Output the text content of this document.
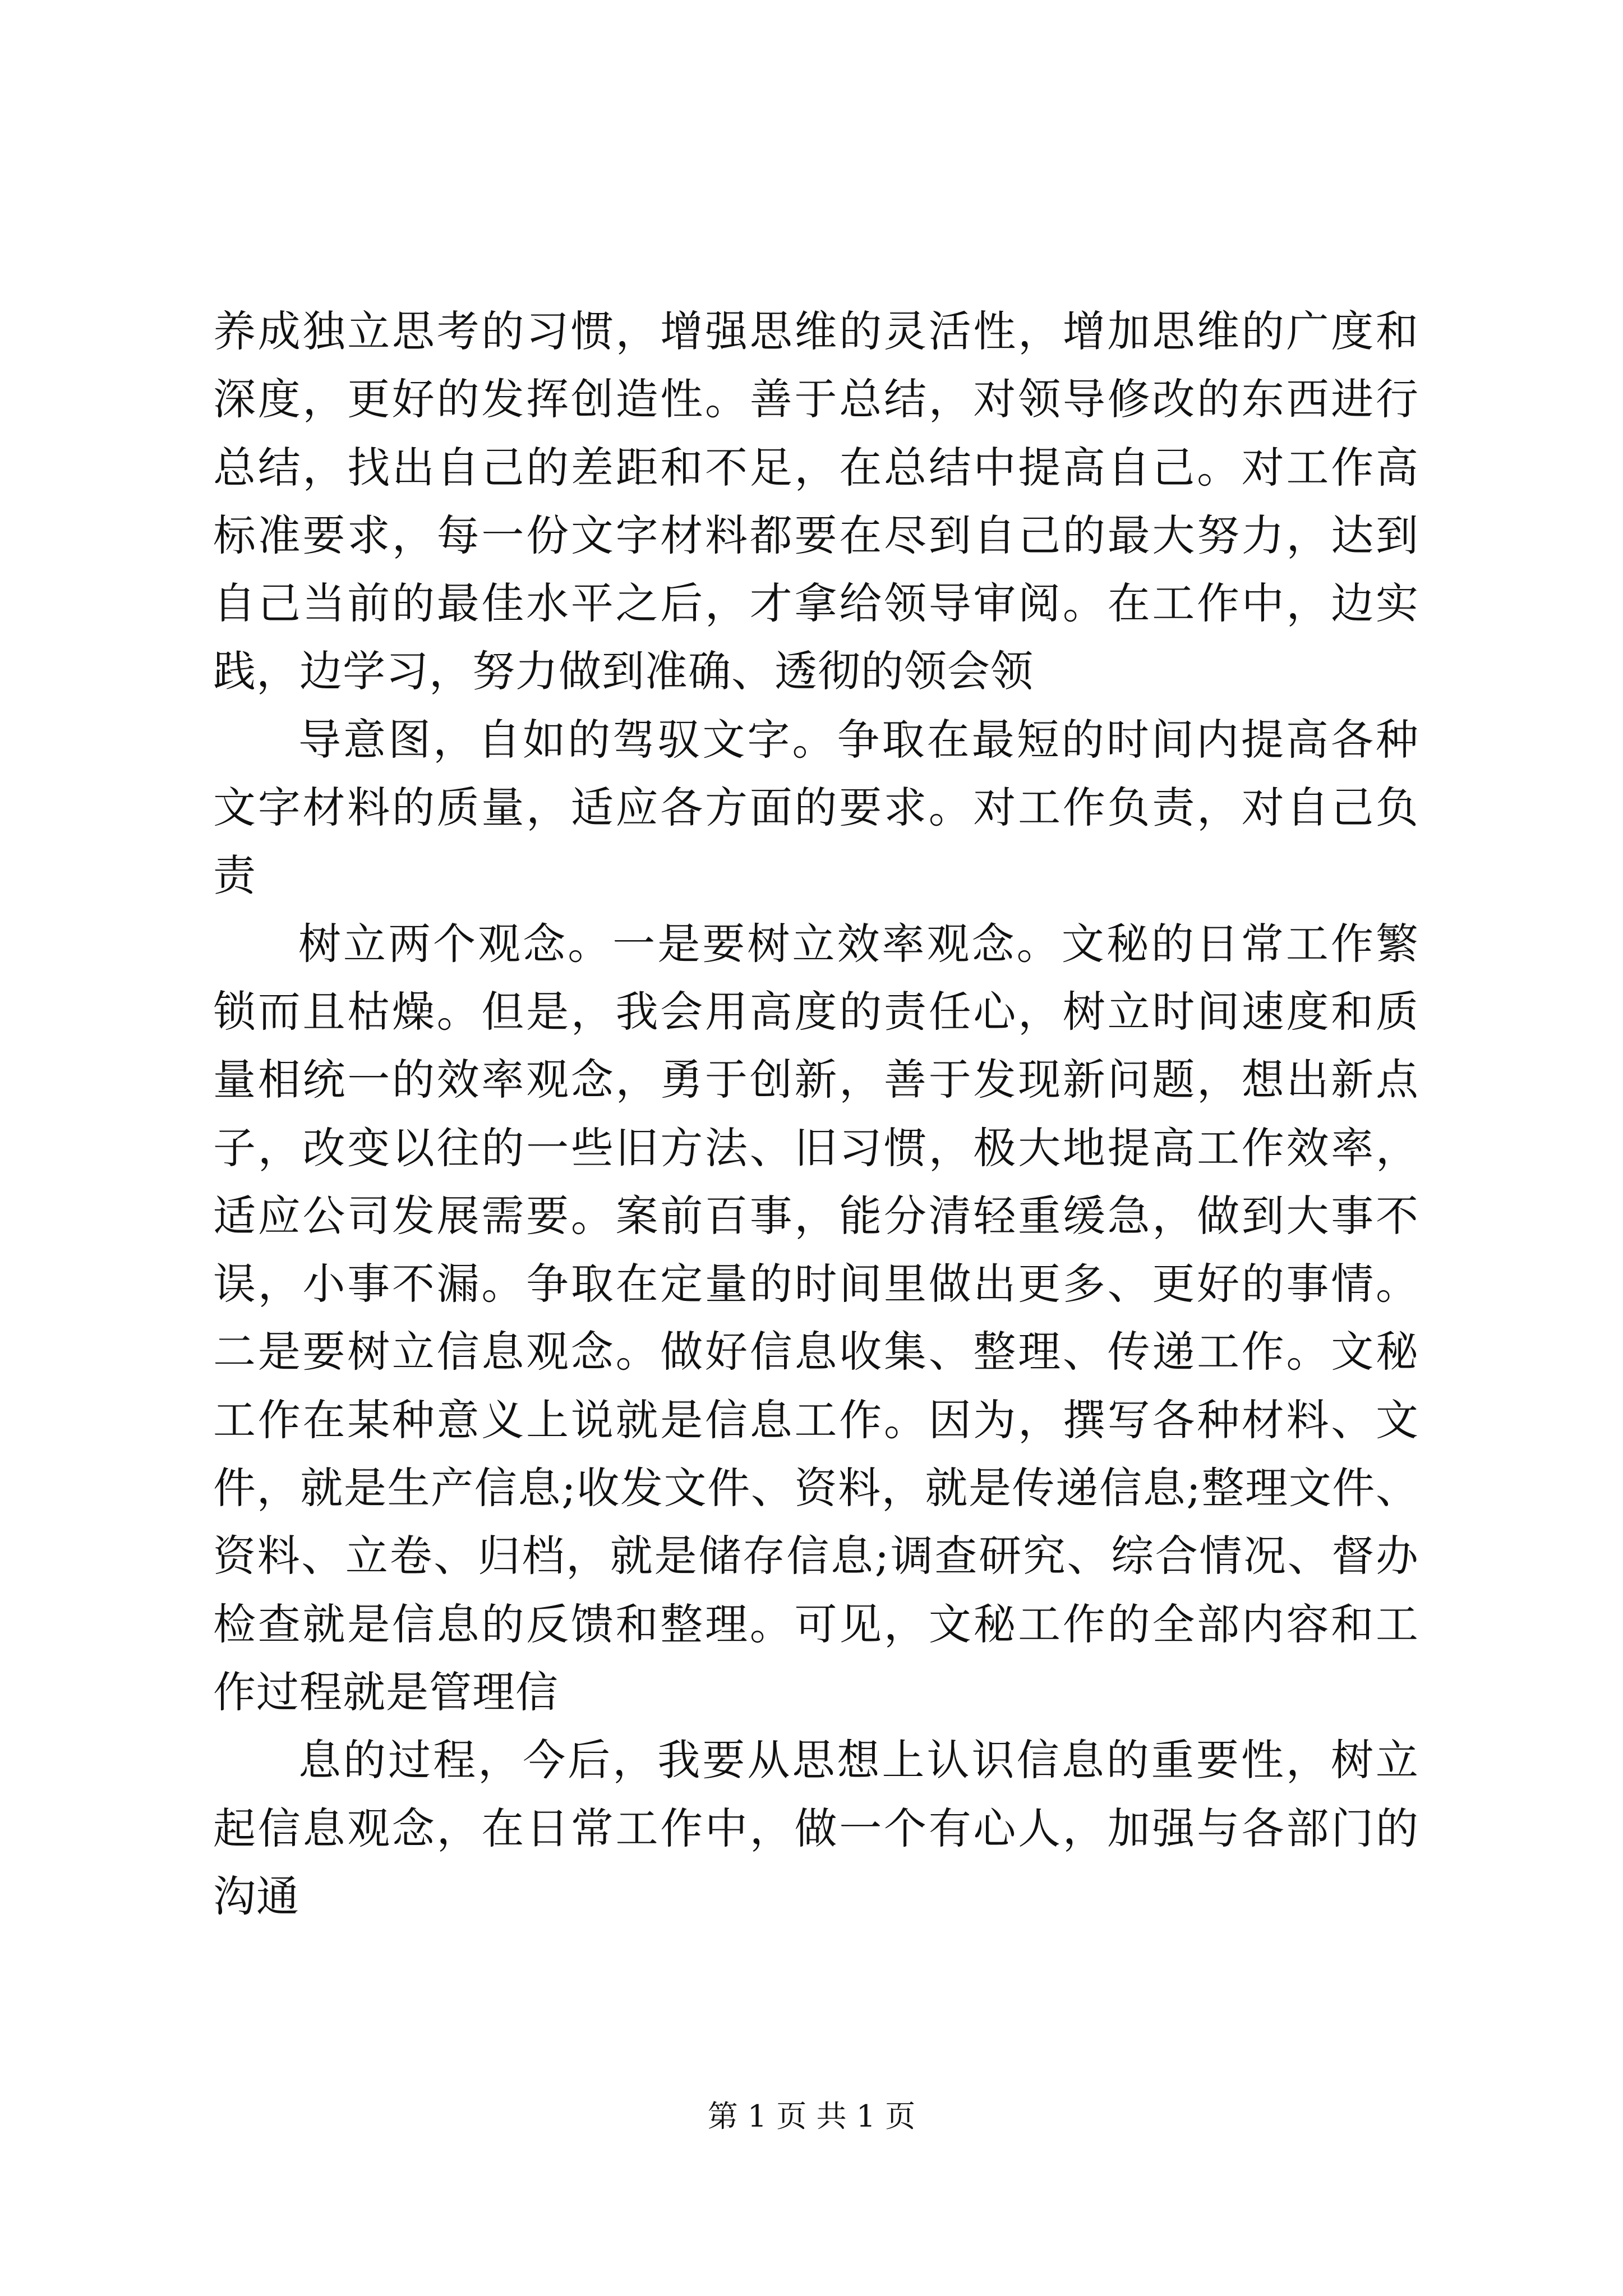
养成独立思考的习惯，增强思维的灵活性，增加思维的广度和深度，更好的发挥创造性。善于总结，对领导修改的东西进行总结，找出自己的差距和不足，在总结中提高自己。对工作高标准要求，每一份文字材料都要在尽到自己的最大努力，达到自己当前的最佳水平之后，才拿给领导审阅。在工作中，边实践，边学习，努力做到准确、透彻的领会领

导意图，自如的驾驭文字。争取在最短的时间内提高各种文字材料的质量，适应各方面的要求。对工作负责，对自己负责

树立两个观念。一是要树立效率观念。文秘的日常工作繁锁而且枯燥。但是，我会用高度的责任心，树立时间速度和质量相统一的效率观念，勇于创新，善于发现新问题，想出新点子，改变以往的一些旧方法、旧习惯，极大地提高工作效率，适应公司发展需要。案前百事，能分清轻重缓急，做到大事不误，小事不漏。争取在定量的时间里做出更多、更好的事情。二是要树立信息观念。做好信息收集、整理、传递工作。文秘工作在某种意义上说就是信息工作。因为，撰写各种材料、文件，就是生产信息;收发文件、资料，就是传递信息;整理文件、资料、立卷、归档，就是储存信息;调查研究、综合情况、督办检查就是信息的反馈和整理。可见，文秘工作的全部内容和工作过程就是管理信

息的过程，今后，我要从思想上认识信息的重要性，树立起信息观念，在日常工作中，做一个有心人，加强与各部门的沟通

第 1 页 共 1 页
